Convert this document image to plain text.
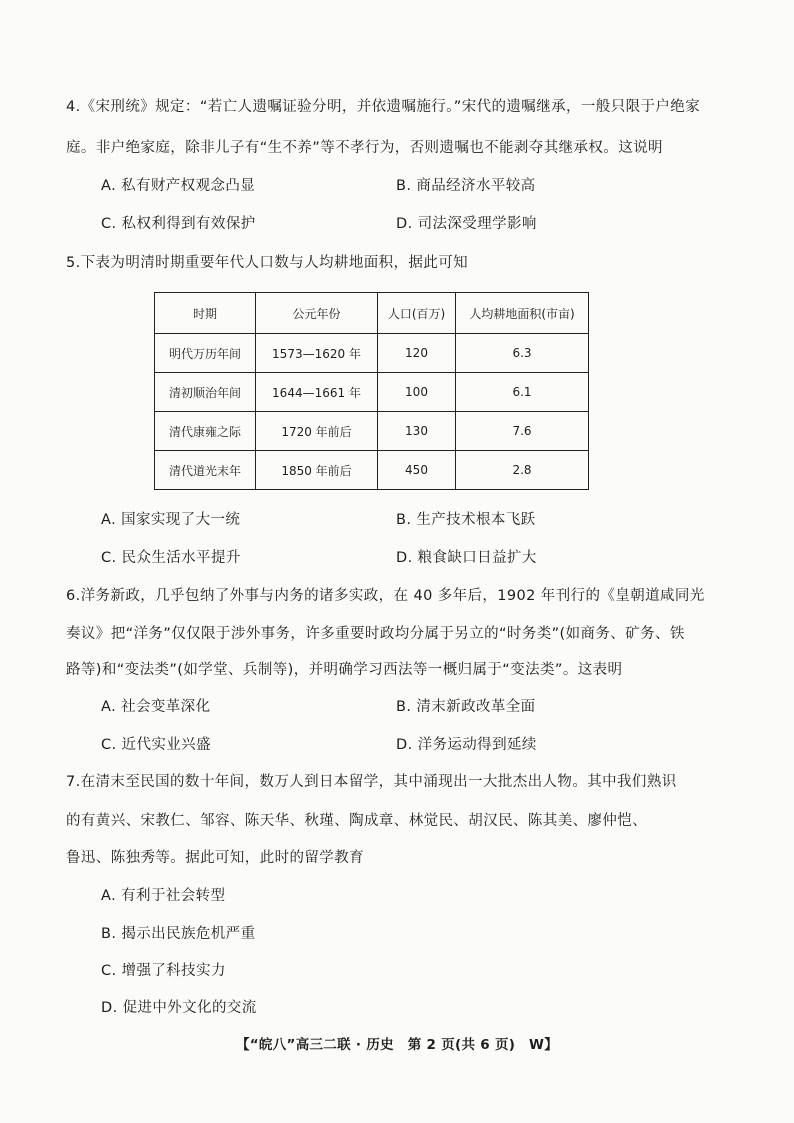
4.《宋刑统》规定：“若亡人遗嘱证验分明，并依遗嘱施行。”宋代的遗嘱继承，一般只限于户绝家
庭。非户绝家庭，除非儿子有“生不养”等不孝行为，否则遗嘱也不能剥夺其继承权。这说明
A. 私有财产权观念凸显	B. 商品经济水平较高
C. 私权利得到有效保护	D. 司法深受理学影响
5.下表为明清时期重要年代人口数与人均耕地面积，据此可知
时期	公元年份	人口(百万)	人均耕地面积(市亩)
明代万历年间	1573—1620 年	120	6.3
清初顺治年间	1644—1661 年	100	6.1
清代康雍之际	1720 年前后	130	7.6
清代道光末年	1850 年前后	450	2.8
A. 国家实现了大一统	B. 生产技术根本飞跃
C. 民众生活水平提升	D. 粮食缺口日益扩大
6.洋务新政，几乎包纳了外事与内务的诸多实政，在 40 多年后，1902 年刊行的《皇朝道咸同光
奏议》把“洋务”仅仅限于涉外事务，许多重要时政均分属于另立的“时务类”(如商务、矿务、铁
路等)和“变法类”(如学堂、兵制等)，并明确学习西法等一概归属于“变法类”。这表明
A. 社会变革深化	B. 清末新政改革全面
C. 近代实业兴盛	D. 洋务运动得到延续
7.在清末至民国的数十年间，数万人到日本留学，其中涌现出一大批杰出人物。其中我们熟识
的有黄兴、宋教仁、邹容、陈天华、秋瑾、陶成章、林觉民、胡汉民、陈其美、廖仲恺、
鲁迅、陈独秀等。据此可知，此时的留学教育
A. 有利于社会转型
B. 揭示出民族危机严重
C. 增强了科技实力
D. 促进中外文化的交流
【“皖八”高三二联 · 历史　第 2 页(共 6 页)　W】
